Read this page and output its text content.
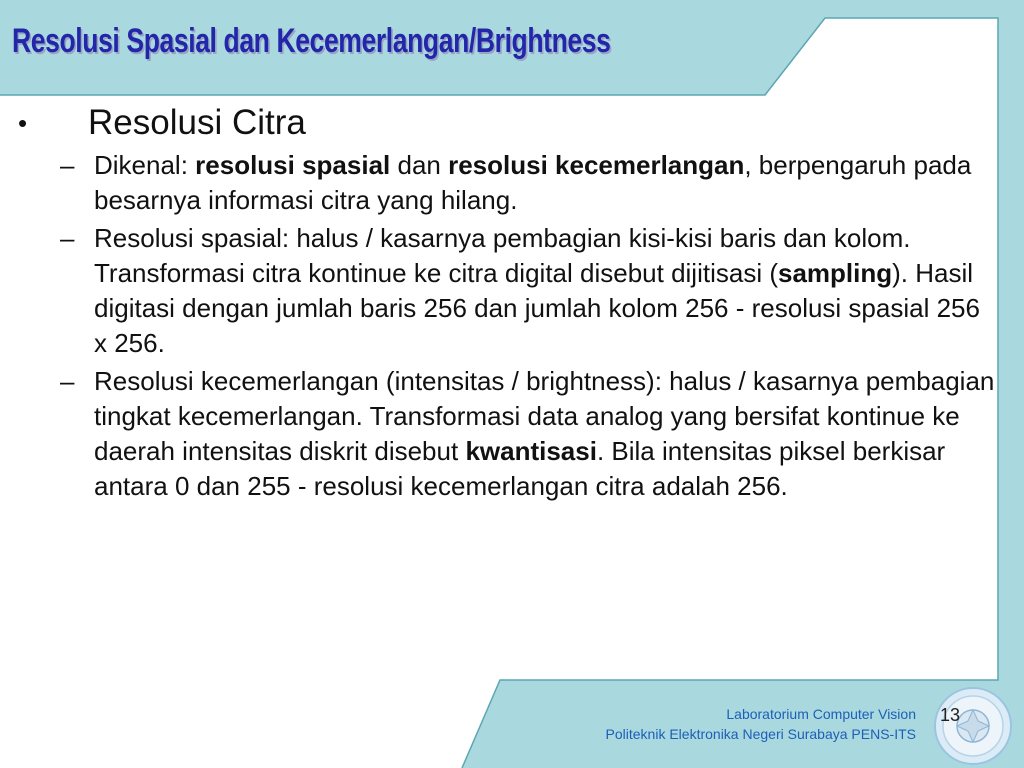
Resolusi Spasial dan Kecemerlangan/Brightness
• Resolusi Citra
– Dikenal: resolusi spasial dan resolusi kecemerlangan, berpengaruh pada besarnya informasi citra yang hilang.
– Resolusi spasial: halus / kasarnya pembagian kisi-kisi baris dan kolom. Transformasi citra kontinue ke citra digital disebut dijitisasi (sampling). Hasil digitasi dengan jumlah baris 256 dan jumlah kolom 256 - resolusi spasial 256 x 256.
– Resolusi kecemerlangan (intensitas / brightness): halus / kasarnya pembagian tingkat kecemerlangan. Transformasi data analog yang bersifat kontinue ke daerah intensitas diskrit disebut kwantisasi. Bila intensitas piksel berkisar antara 0 dan 255 - resolusi kecemerlangan citra adalah 256.
Laboratorium Computer Vision
Politeknik Elektronika Negeri Surabaya PENS-ITS
13
